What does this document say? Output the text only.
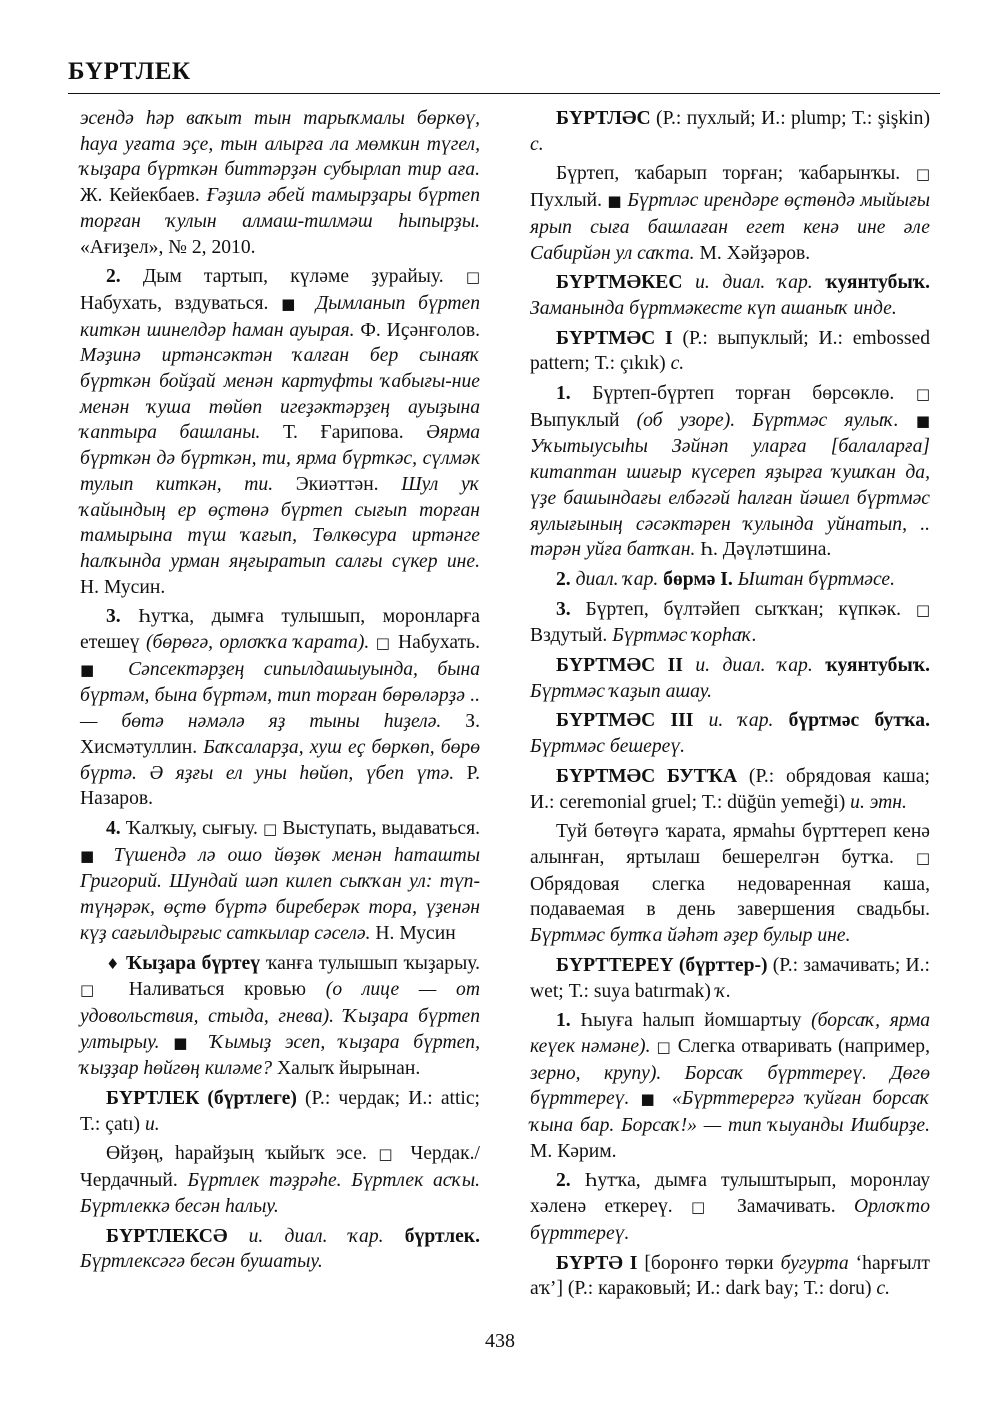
БҮРТЛЕК

эсендә һәр ваҡыт тын тарыҡмалы бөркөү, һауа уғата эҫе, тын алырға ла мөмкин түгел, ҡыҙара бүрткән биттәрҙән субырлап тир аға. Ж. Кейекбаев. Ғәҙилә әбей тамырҙары бүртеп торған ҡулын алмаш-тилмәш һыпырҙы. «Ағиҙел», № 2, 2010.

2. Дым тартып, күләме ҙурайыу. □ Набухать, вздуваться. ■ Дымланып бүртеп киткән шинелдәр һаман ауырая. Ф. Иҫәнғолов. Мәҙинә иртәнсәктән ҡалған бер сынаяҡ бүрткән бойҙай менән картуфты ҡабығы-ние менән ҡуша төйөп игеҙәктәрҙең ауыҙына ҡаптыра башланы. Т. Ғарипова. Әярма бүрткән дә бүрткән, ти, ярма бүрткәс, сүлмәк тулып киткән, ти. Экиәттән. Шул уҡ ҡайындың ер өҫтөнә бүртеп сығып торған тамырына түш ҡағып, Төлкөсура иртәнге һалҡында урман яңғыратып салғы сүкер ине. Н. Мусин.

3. Һутҡа, дымға тулышып, моронларға етешеү (бөрөгә, орлоҡҡа ҡарата). □ Набухать. ■ Сәпсектәрҙең сипылдашыуында, бына бүртәм, бына бүртәм, тип торған бөрөләрҙә .. — бөтә нәмәлә яҙ тыны һиҙелә. З. Хисмәтуллин. Баҡсаларҙа, хуш еҫ бөркөп, бөрө бүртә. Ә яҙғы ел уны һөйөп, үбеп үтә. Р. Назаров.

4. Ҡалҡыу, сығыу. □ Выступать, выдаваться. ■ Түшендә лә ошо йөҙөк менән һаташты Григорий. Шундай шәп килеп сыҡҡан ул: түп-түңәрәк, өҫтө бүртә биреберәк тора, үҙенән күҙ сағылдырғыс саткылар сәселә. Н. Мусин

♦ Ҡыҙара бүртеү ҡанға тулышып ҡыҙарыу. □ Наливаться кровью (о лице — от удовольствия, стыда, гнева). Ҡыҙара бүртеп ултырыу. ■ Ҡымыҙ эсеп, ҡыҙара бүртеп, ҡыҙҙар һөйгөң киләме? Халыҡ йырынан.

БҮРТЛЕК (бүртлеге) (Р.: чердак; И.: attic; Т.: çatı) и.

Өйҙөң, һарайҙың ҡыйыҡ эсе. □ Чердак./Чердачный. Бүртлек тәҙрәһе. Бүртлек асҡы. Бүртлеккә бесән һалыу.

БҮРТЛЕКСӘ и. диал. ҡар. бүртлек. Бүртлексәгә бесән бушатыу.

БҮРТЛӘС (Р.: пухлый; И.: plump; Т.: şişkin) с.

Бүртеп, ҡабарып торған; ҡабарынҡы. □ Пухлый. ■ Бүртләс ирендәре өҫтөндә мыйығы ярып сыға башлаған егет кенә ине әле Сабирйән ул саҡта. М. Хәйҙәров.

БҮРТМӘКЕС и. диал. ҡар. ҡуянтубыҡ. Заманында бүртмәкесте күп ашаныҡ инде.

БҮРТМӘС I (Р.: выпуклый; И.: embossed pattern; Т.: çıkık) с.

1. Бүртеп-бүртеп торған бөрсөклө. □ Выпуклый (об узоре). Бүртмәс яулыҡ. ■ Уҡытыусыһы Зәйнәп уларға [балаларға] китаптан шиғыр күсереп яҙырға ҡушҡан да, үҙе башындағы елбәгәй һалған йәшел бүртмәс яулығының сәсәктәрен ҡулында уйнатып, .. тәрән уйға батҡан. Һ. Дәүләтшина.

2. диал. ҡар. бөрмә I. Ыштан бүртмәсе.

3. Бүртеп, бүлтәйеп сыҡҡан; күпкәк. □ Вздутый. Бүртмәс ҡорһаҡ.

БҮРТМӘС II и. диал. ҡар. ҡуянтубыҡ. Бүртмәс ҡаҙып ашау.

БҮРТМӘС III и. ҡар. бүртмәс бутҡа. Бүртмәс бешереү.

БҮРТМӘС БУТҠА (Р.: обрядовая каша; И.: ceremonial gruel; Т.: düğün yemeği) и. этн.

Туй бөтөүгә ҡарата, ярмаһы бүрттереп кенә алынған, яртылаш бешерелгән бутҡа. □ Обрядовая слегка недоваренная каша, подаваемая в день завершения свадьбы. Бүртмәс бутҡа йәһәт әҙер булыр ине.

БҮРТТЕРЕҮ (бүрттер-) (Р.: замачивать; И.: wet; Т.: suya batırmak) ҡ.

1. Һыуға һалып йомшартыу (борсаҡ, ярма кеүек нәмәне). □ Слегка отваривать (например, зерно, крупу). Борсаҡ бүрттереү. Дөгө бүрттереү. ■ «Бүрттерергә ҡуйған борсаҡ ҡына бар. Борсаҡ!» — тип ҡыуанды Ишбирҙе. М. Кәрим.

2. Һутҡа, дымға тулыштырып, моронлау хәленә еткереү. □ Замачивать. Орлоҡто бүрттереү.

БҮРТӘ I [боронғо төрки бугурта ‘һарғылт аҡ’] (Р.: караковый; И.: dark bay; Т.: doru) с.

438
